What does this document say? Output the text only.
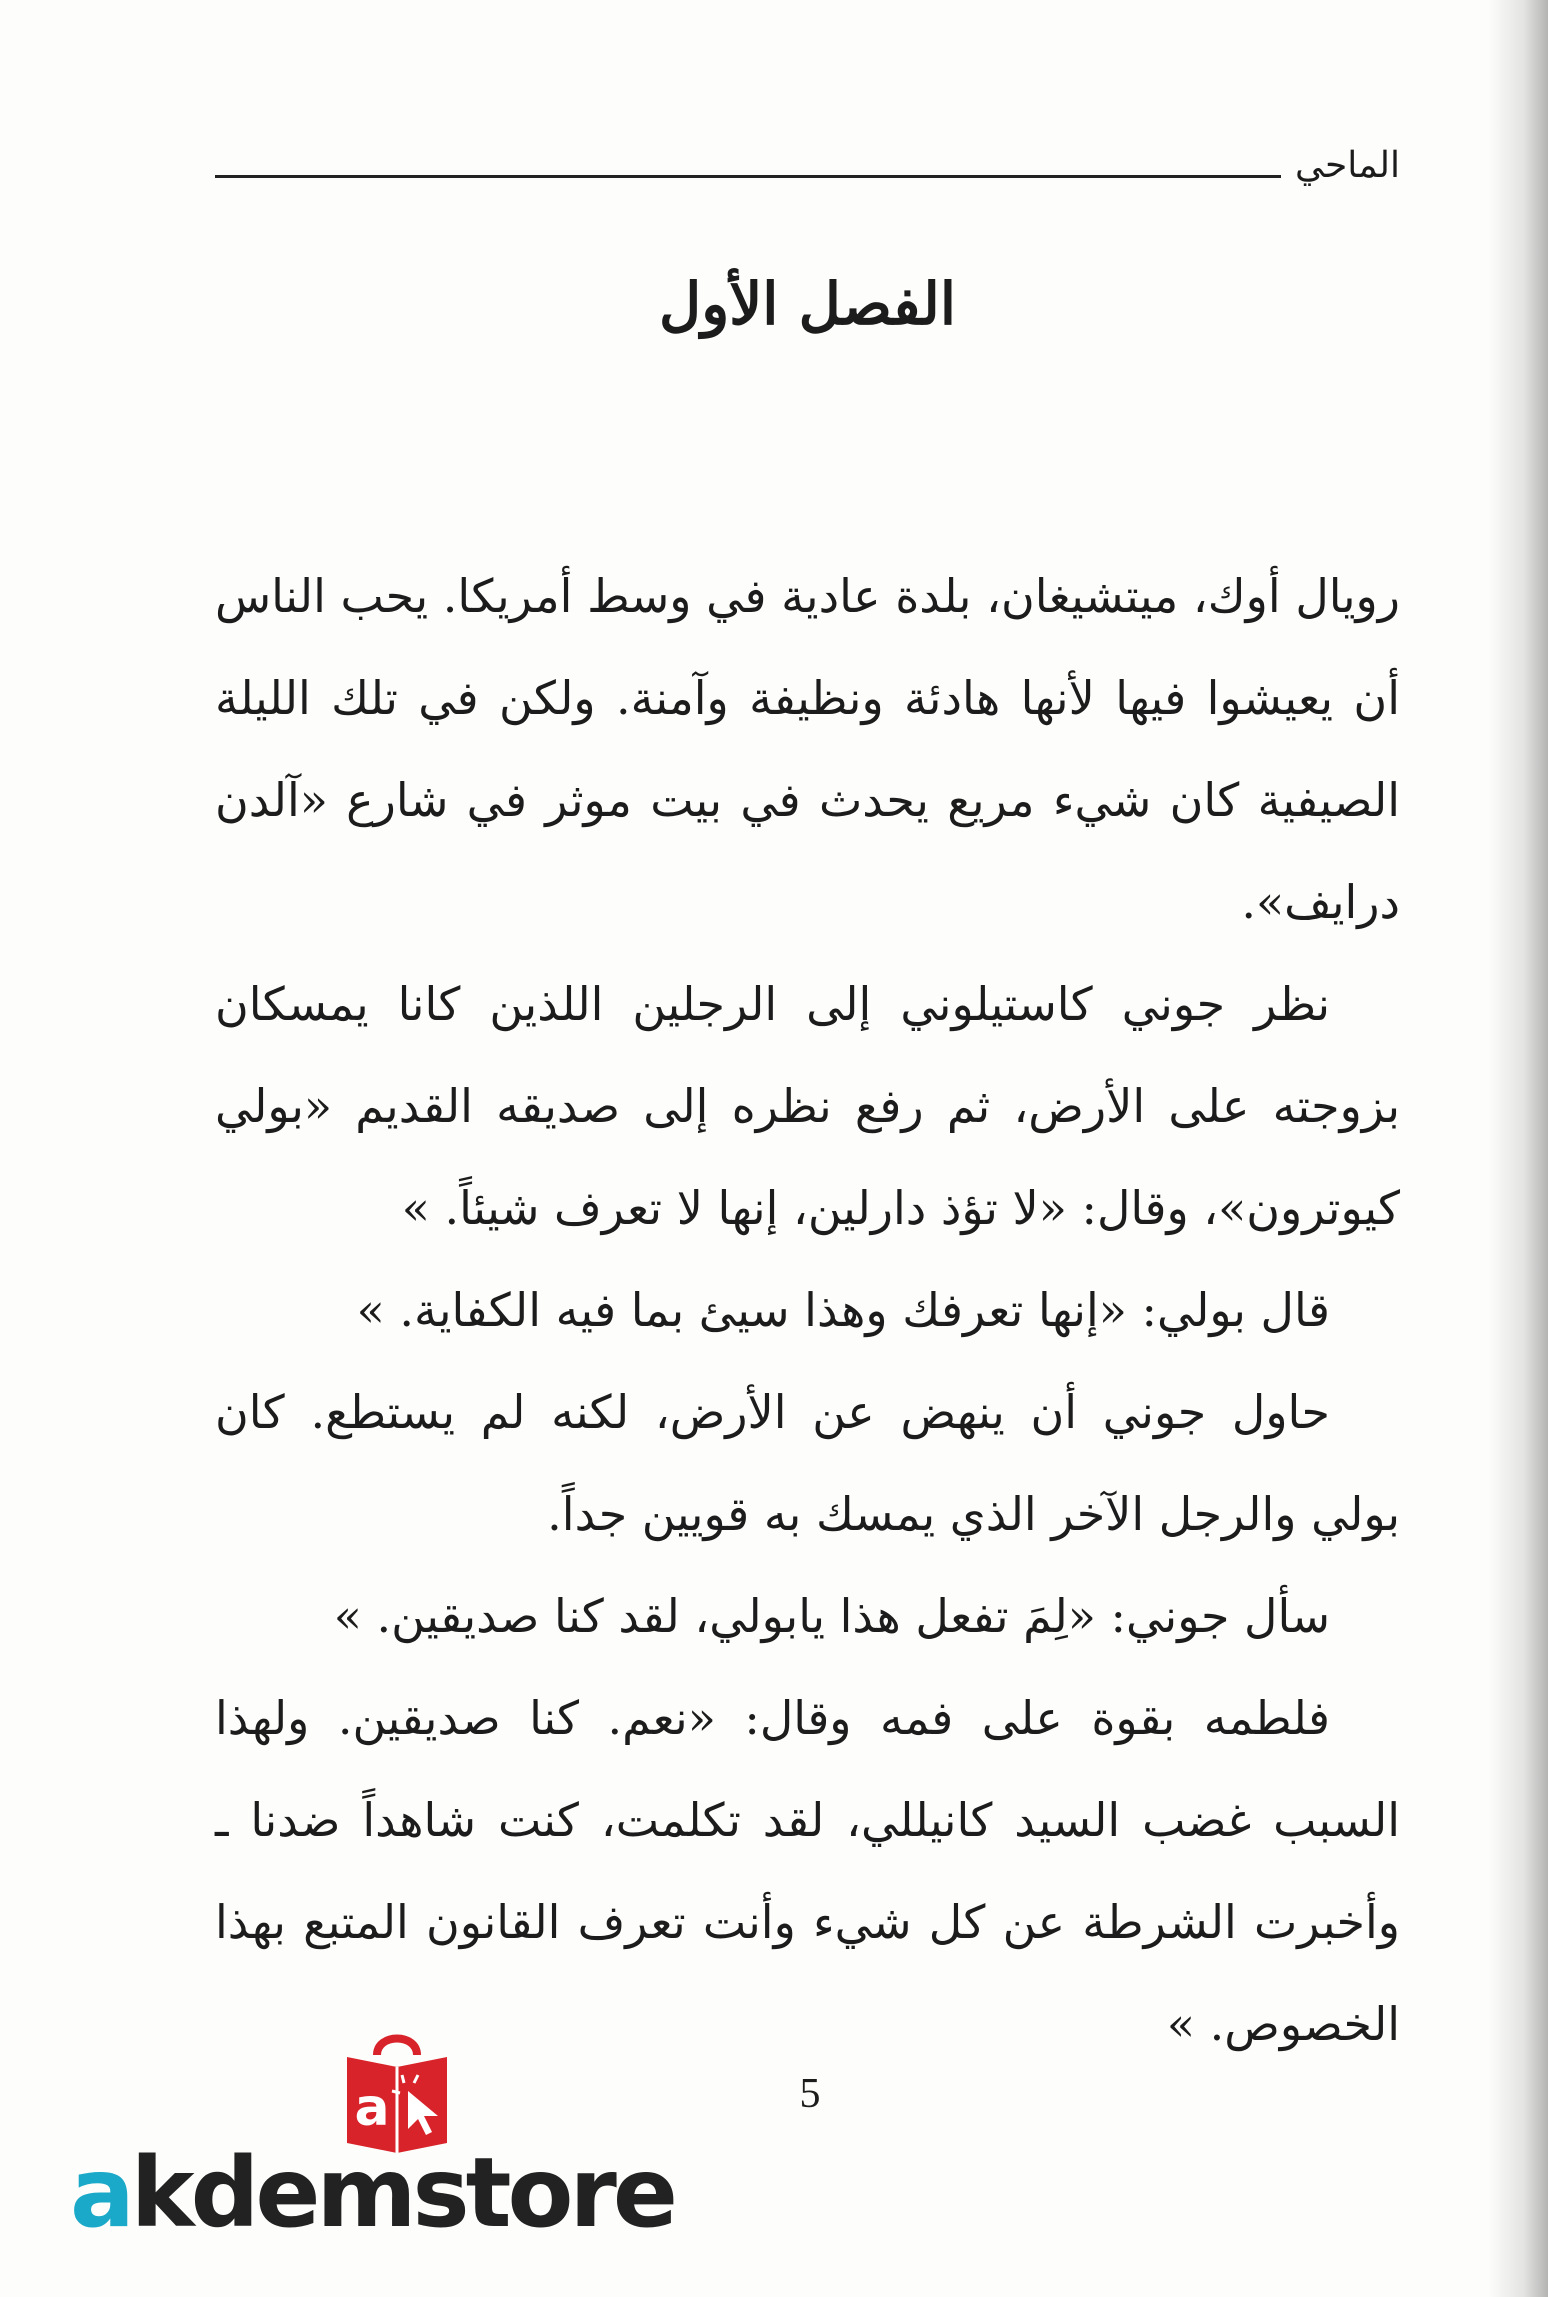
الماحي
الفصل الأول

رويال أوك، ميتشيغان، بلدة عادية في وسط أمريكا. يحب الناس أن يعيشوا فيها لأنها هادئة ونظيفة وآمنة. ولكن في تلك الليلة الصيفية كان شيء مريع يحدث في بيت موثر في شارع «آلدن درايف».

نظر جوني كاستيلوني إلى الرجلين اللذين كانا يمسكان بزوجته على الأرض، ثم رفع نظره إلى صديقه القديم «بولي كيوترون»، وقال: «لا تؤذ دارلين، إنها لا تعرف شيئاً. »

قال بولي: «إنها تعرفك وهذا سيئ بما فيه الكفاية. »

حاول جوني أن ينهض عن الأرض، لكنه لم يستطع. كان بولي والرجل الآخر الذي يمسك به قويين جداً.

سأل جوني: «لِمَ تفعل هذا يابولي، لقد كنا صديقين. »

فلطمه بقوة على فمه وقال: «نعم. كنا صديقين. ولهذا السبب غضب السيد كانيللي، لقد تكلمت، كنت شاهداً ضدنا ـ وأخبرت الشرطة عن كل شيء وأنت تعرف القانون المتبع بهذا الخصوص. »

5
a
akdemstore
